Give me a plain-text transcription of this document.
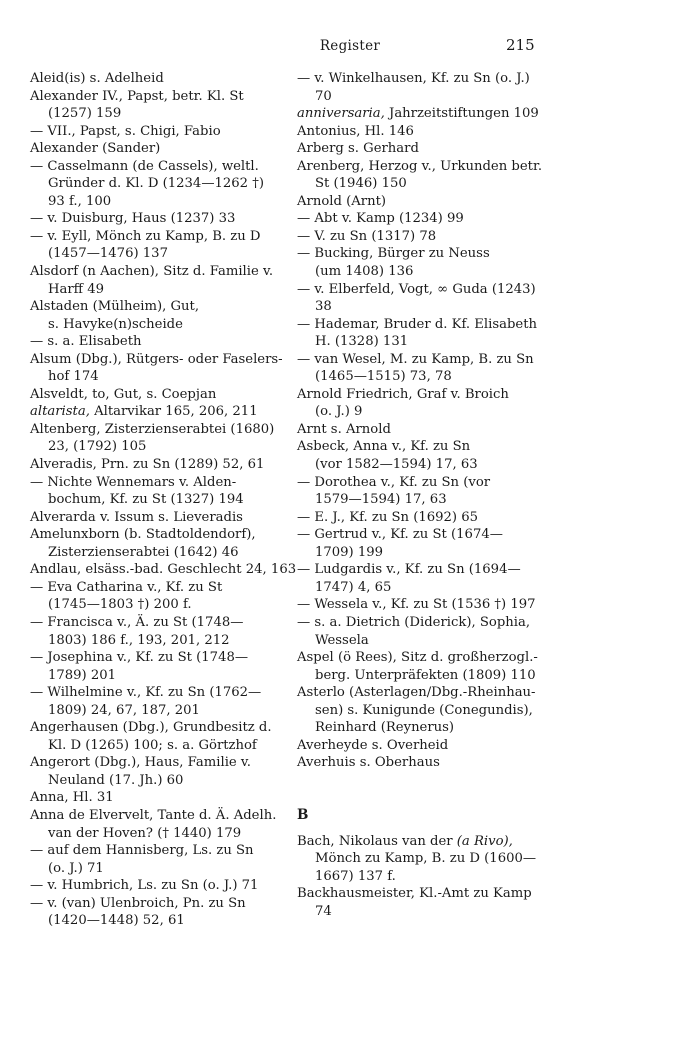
Register	215
Aleid(is) s. Adelheid
Alexander IV., Papst, betr. Kl. St
(1257) 159
— VII., Papst, s. Chigi, Fabio
Alexander (Sander)
— Casselmann (de Cassels), weltl.
Gründer d. Kl. D (1234—1262 †)
93 f., 100
— v. Duisburg, Haus (1237) 33
— v. Eyll, Mönch zu Kamp, B. zu D
(1457—1476) 137
Alsdorf (n Aachen), Sitz d. Familie v.
Harff 49
Alstaden (Mülheim), Gut,
s. Havyke(n)scheide
— s. a. Elisabeth
Alsum (Dbg.), Rütgers- oder Faselers-
hof 174
Alsveldt, to, Gut, s. Coepjan
altarista, Altarvikar 165, 206, 211
Altenberg, Zisterzienserabtei (1680)
23, (1792) 105
Alveradis, Prn. zu Sn (1289) 52, 61
— Nichte Wennemars v. Alden-
bochum, Kf. zu St (1327) 194
Alverarda v. Issum s. Lieveradis
Amelunxborn (b. Stadtoldendorf),
Zisterzienserabtei (1642) 46
Andlau, elsäss.-bad. Geschlecht 24, 163
— Eva Catharina v., Kf. zu St
(1745—1803 †) 200 f.
— Francisca v., Ä. zu St (1748—
1803) 186 f., 193, 201, 212
— Josephina v., Kf. zu St (1748—
1789) 201
— Wilhelmine v., Kf. zu Sn (1762—
1809) 24, 67, 187, 201
Angerhausen (Dbg.), Grundbesitz d.
Kl. D (1265) 100; s. a. Görtzhof
Angerort (Dbg.), Haus, Familie v.
Neuland (17. Jh.) 60
Anna, Hl. 31
Anna de Elvervelt, Tante d. Ä. Adelh.
van der Hoven? († 1440) 179
— auf dem Hannisberg, Ls. zu Sn
(o. J.) 71
— v. Humbrich, Ls. zu Sn (o. J.) 71
— v. (van) Ulenbroich, Pn. zu Sn
(1420—1448) 52, 61
— v. Winkelhausen, Kf. zu Sn (o. J.)
70
anniversaria, Jahrzeitstiftungen 109
Antonius, Hl. 146
Arberg s. Gerhard
Arenberg, Herzog v., Urkunden betr.
St (1946) 150
Arnold (Arnt)
— Abt v. Kamp (1234) 99
— V. zu Sn (1317) 78
— Bucking, Bürger zu Neuss
(um 1408) 136
— v. Elberfeld, Vogt, ∞ Guda (1243)
38
— Hademar, Bruder d. Kf. Elisabeth
H. (1328) 131
— van Wesel, M. zu Kamp, B. zu Sn
(1465—1515) 73, 78
Arnold Friedrich, Graf v. Broich
(o. J.) 9
Arnt s. Arnold
Asbeck, Anna v., Kf. zu Sn
(vor 1582—1594) 17, 63
— Dorothea v., Kf. zu Sn (vor
1579—1594) 17, 63
— E. J., Kf. zu Sn (1692) 65
— Gertrud v., Kf. zu St (1674—
1709) 199
— Ludgardis v., Kf. zu Sn (1694—
1747) 4, 65
— Wessela v., Kf. zu St (1536 †) 197
— s. a. Dietrich (Diderick), Sophia,
Wessela
Aspel (ö Rees), Sitz d. großherzogl.-
berg. Unterpräfekten (1809) 110
Asterlo (Asterlagen/Dbg.-Rheinhau-
sen) s. Kunigunde (Conegundis),
Reinhard (Reynerus)
Averheyde s. Overheid
Averhuis s. Oberhaus
B
Bach, Nikolaus van der (a Rivo),
Mönch zu Kamp, B. zu D (1600—
1667) 137 f.
Backhausmeister, Kl.-Amt zu Kamp
74
